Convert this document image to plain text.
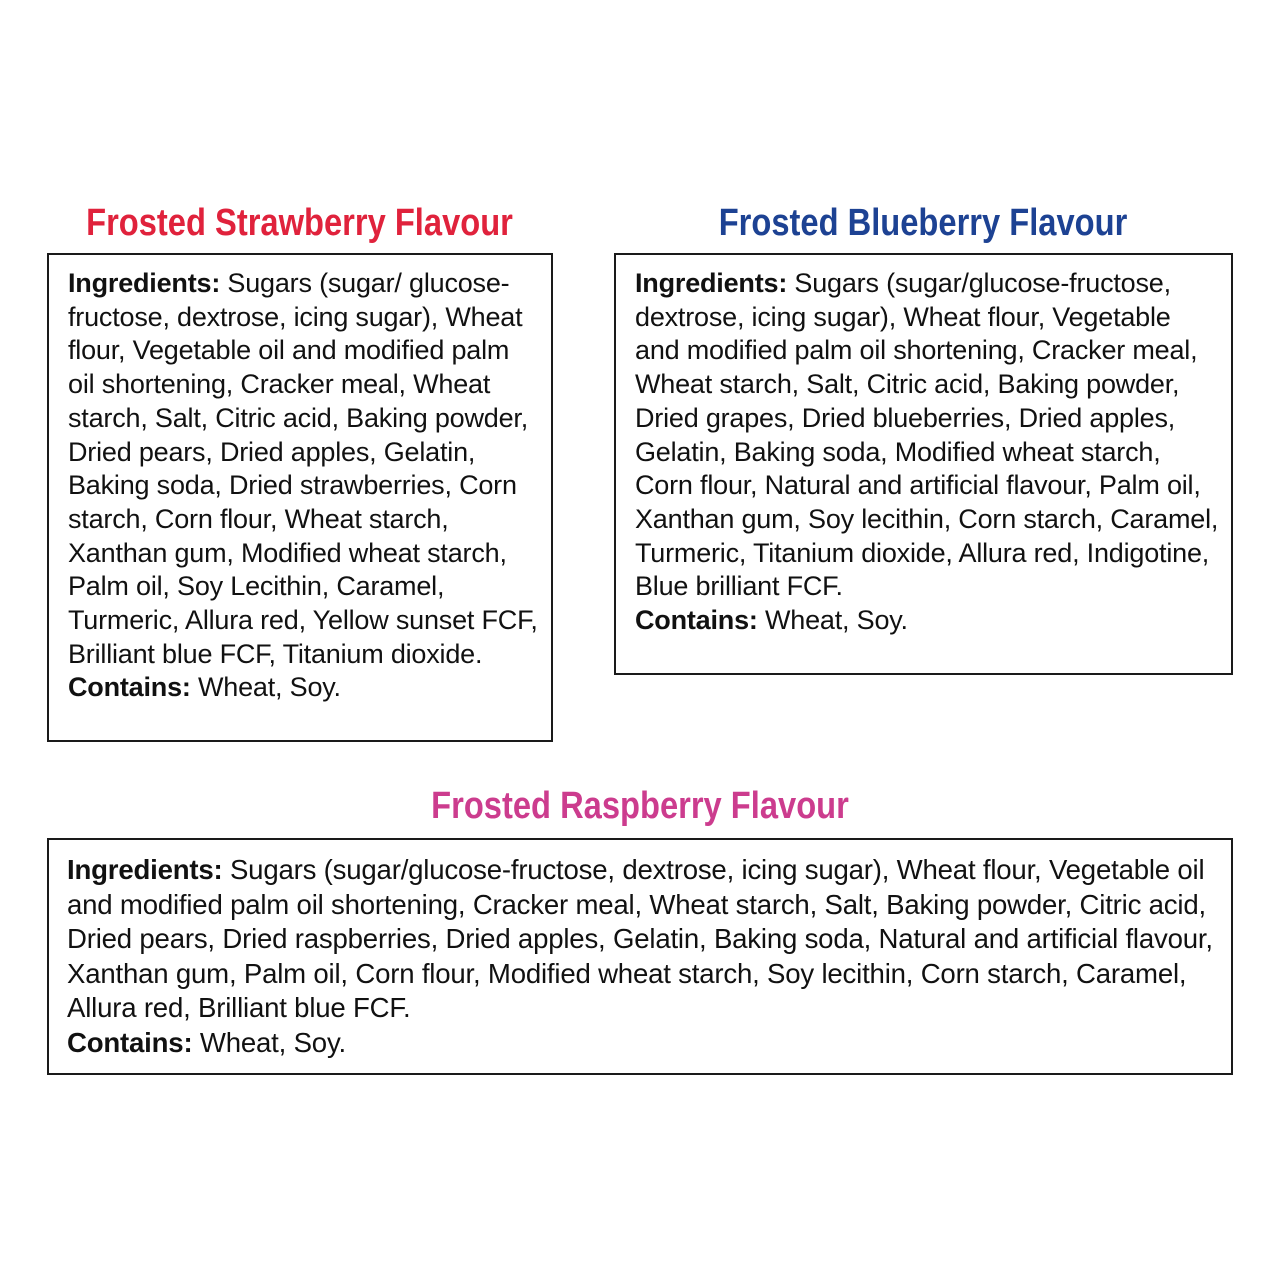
Frosted Strawberry Flavour

Ingredients: Sugars (sugar/ glucose-fructose, dextrose, icing sugar), Wheat flour, Vegetable oil and modified palm oil shortening, Cracker meal, Wheat starch, Salt, Citric acid, Baking powder, Dried pears, Dried apples, Gelatin, Baking soda, Dried strawberries, Corn starch, Corn flour, Wheat starch, Xanthan gum, Modified wheat starch, Palm oil, Soy Lecithin, Caramel, Turmeric, Allura red, Yellow sunset FCF, Brilliant blue FCF, Titanium dioxide.

Contains: Wheat, Soy.

Frosted Blueberry Flavour

Ingredients: Sugars (sugar/glucose-fructose, dextrose, icing sugar), Wheat flour, Vegetable and modified palm oil shortening, Cracker meal, Wheat starch, Salt, Citric acid, Baking powder, Dried grapes, Dried blueberries, Dried apples, Gelatin, Baking soda, Modified wheat starch, Corn flour, Natural and artificial flavour, Palm oil, Xanthan gum, Soy lecithin, Corn starch, Caramel, Turmeric, Titanium dioxide, Allura red, Indigotine, Blue brilliant FCF.

Contains: Wheat, Soy.

Frosted Raspberry Flavour

Ingredients: Sugars (sugar/glucose-fructose, dextrose, icing sugar), Wheat flour, Vegetable oil and modified palm oil shortening, Cracker meal, Wheat starch, Salt, Baking powder, Citric acid, Dried pears, Dried raspberries, Dried apples, Gelatin, Baking soda, Natural and artificial flavour, Xanthan gum, Palm oil, Corn flour, Modified wheat starch, Soy lecithin, Corn starch, Caramel, Allura red, Brilliant blue FCF.

Contains: Wheat, Soy.
